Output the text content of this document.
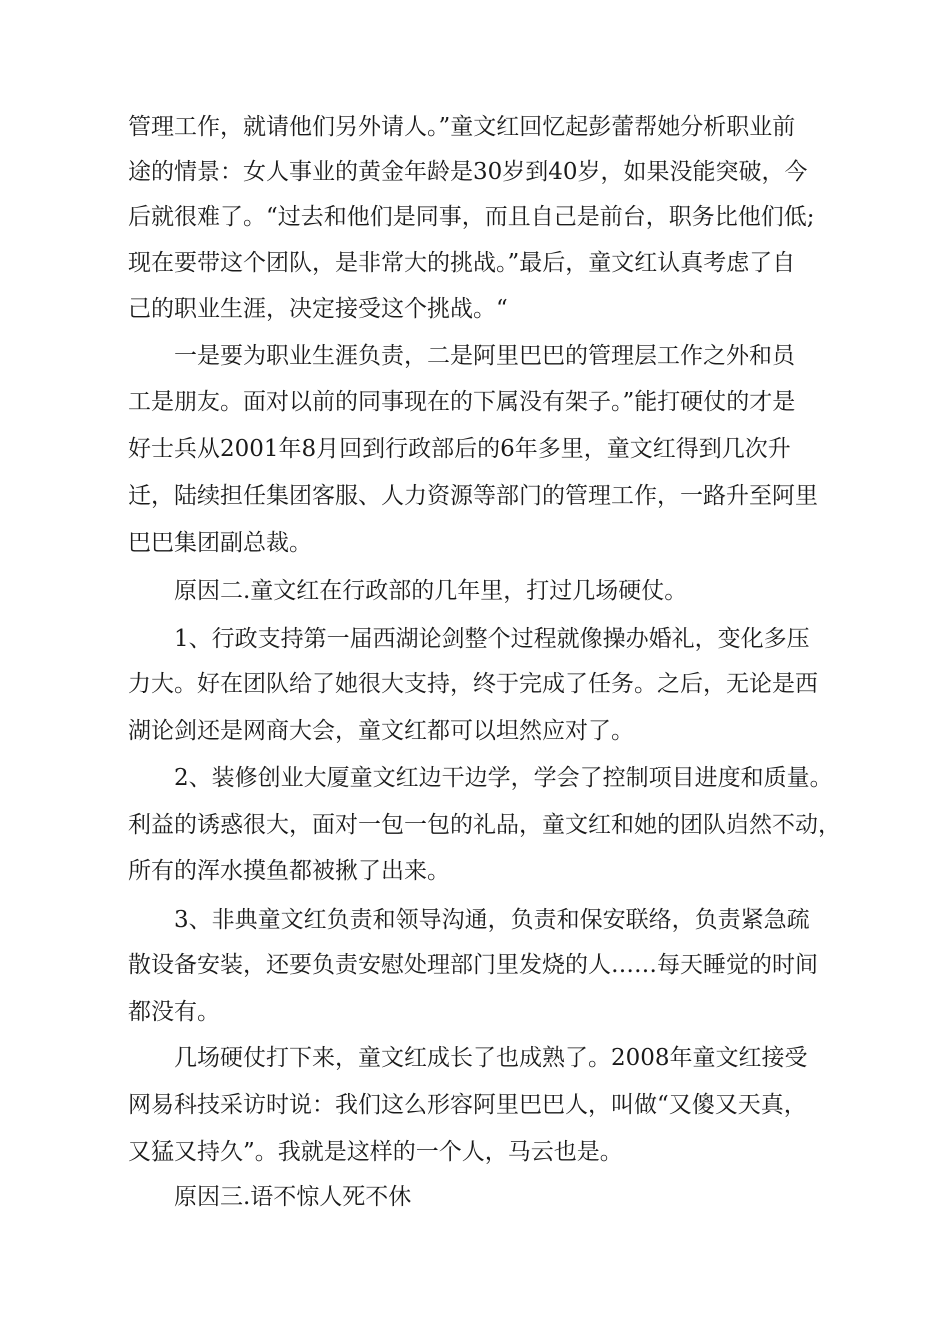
管理工作，就请他们另外请人。”童文红回忆起彭蕾帮她分析职业前

途的情景：女人事业的黄金年龄是30岁到40岁，如果没能突破，今

后就很难了。“过去和他们是同事，而且自己是前台，职务比他们低;

现在要带这个团队，是非常大的挑战。”最后，童文红认真考虑了自

己的职业生涯，决定接受这个挑战。“

一是要为职业生涯负责，二是阿里巴巴的管理层工作之外和员

工是朋友。面对以前的同事现在的下属没有架子。”能打硬仗的才是

好士兵从2001年8月回到行政部后的6年多里，童文红得到几次升

迁，陆续担任集团客服、人力资源等部门的管理工作，一路升至阿里

巴巴集团副总裁。

原因二.童文红在行政部的几年里，打过几场硬仗。

1、行政支持第一届西湖论剑整个过程就像操办婚礼，变化多压

力大。好在团队给了她很大支持，终于完成了任务。之后，无论是西

湖论剑还是网商大会，童文红都可以坦然应对了。

2、装修创业大厦童文红边干边学，学会了控制项目进度和质量。

利益的诱惑很大，面对一包一包的礼品，童文红和她的团队岿然不动，

所有的浑水摸鱼都被揪了出来。

3、非典童文红负责和领导沟通，负责和保安联络，负责紧急疏

散设备安装，还要负责安慰处理部门里发烧的人……每天睡觉的时间

都没有。

几场硬仗打下来，童文红成长了也成熟了。2008年童文红接受

网易科技采访时说：我们这么形容阿里巴巴人，叫做“又傻又天真，

又猛又持久”。我就是这样的一个人，马云也是。

原因三.语不惊人死不休
